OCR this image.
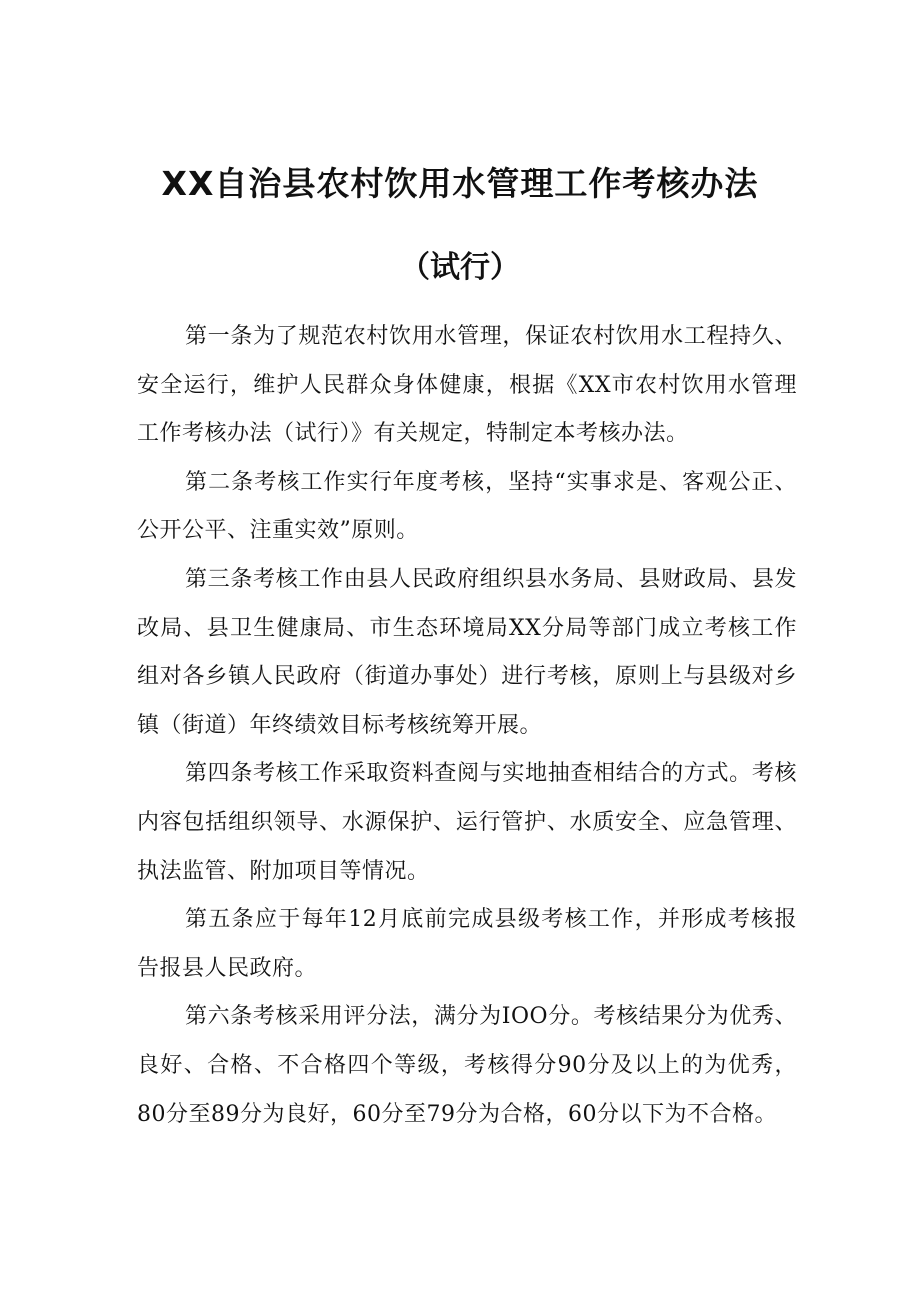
XX自治县农村饮用水管理工作考核办法
（试行）

第一条为了规范农村饮用水管理，保证农村饮用水工程持久、安全运行，维护人民群众身体健康，根据《XX市农村饮用水管理工作考核办法（试行）》有关规定，特制定本考核办法。

第二条考核工作实行年度考核，坚持“实事求是、客观公正、公开公平、注重实效”原则。

第三条考核工作由县人民政府组织县水务局、县财政局、县发改局、县卫生健康局、市生态环境局XX分局等部门成立考核工作组对各乡镇人民政府（街道办事处）进行考核，原则上与县级对乡镇（街道）年终绩效目标考核统筹开展。

第四条考核工作采取资料查阅与实地抽查相结合的方式。考核内容包括组织领导、水源保护、运行管护、水质安全、应急管理、执法监管、附加项目等情况。

第五条应于每年12月底前完成县级考核工作，并形成考核报告报县人民政府。

第六条考核采用评分法，满分为IOO分。考核结果分为优秀、良好、合格、不合格四个等级，考核得分90分及以上的为优秀，80分至89分为良好，60分至79分为合格，60分以下为不合格。
